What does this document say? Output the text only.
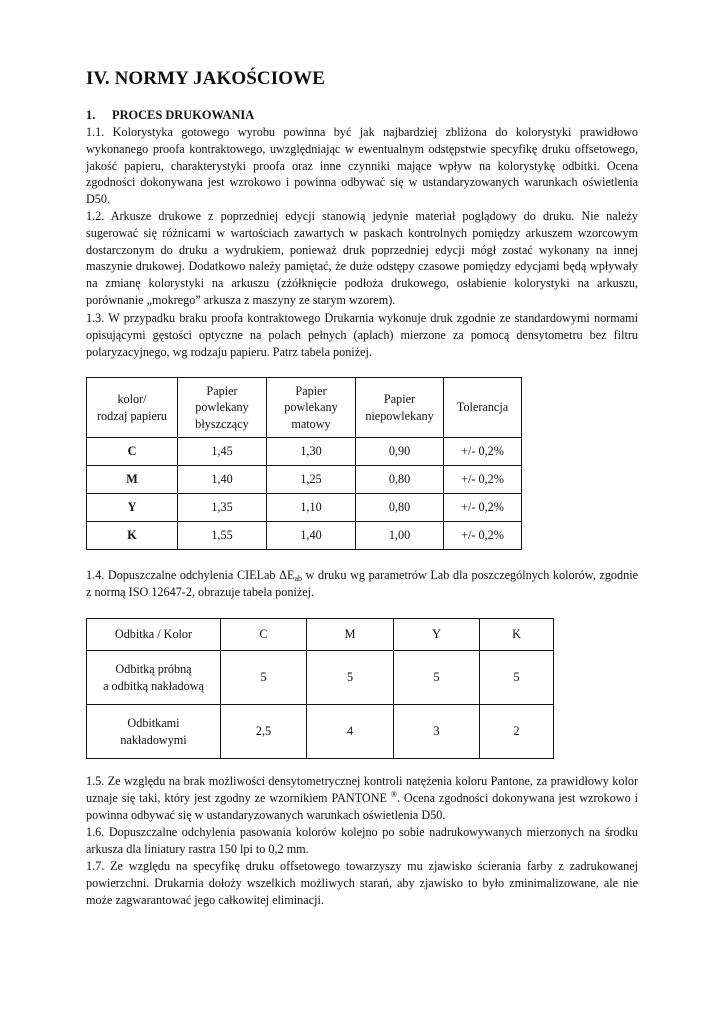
IV. NORMY JAKOŚCIOWE
1. PROCES DRUKOWANIA

1.1. Kolorystyka gotowego wyrobu powinna być jak najbardziej zbliżona do kolorystyki prawidłowo wykonanego proofa kontraktowego, uwzględniając w ewentualnym odstępstwie specyfikę druku offsetowego, jakość papieru, charakterystyki proofa oraz inne czynniki mające wpływ na kolorystykę odbitki. Ocena zgodności dokonywana jest wzrokowo i powinna odbywać się w ustandaryzowanych warunkach oświetlenia D50.

1.2. Arkusze drukowe z poprzedniej edycji stanowią jedynie materiał poglądowy do druku. Nie należy sugerować się różnicami w wartościach zawartych w paskach kontrolnych pomiędzy arkuszem wzorcowym dostarczonym do druku a wydrukiem, ponieważ druk poprzedniej edycji mógł zostać wykonany na innej maszynie drukowej. Dodatkowo należy pamiętać, że duże odstępy czasowe pomiędzy edycjami będą wpływały na zmianę kolorystyki na arkuszu (zżółknięcie podłoża drukowego, osłabienie kolorystyki na arkuszu, porównanie „mokrego” arkusza z maszyny ze starym wzorem).

1.3. W przypadku braku proofa kontraktowego Drukarnia wykonuje druk zgodnie ze standardowymi normami opisującymi gęstości optyczne na polach pełnych (aplach) mierzone za pomocą densytometru bez filtru polaryzacyjnego, wg rodzaju papieru. Patrz tabela poniżej.

kolor/
rodzaj papieru	Papier
powlekany
błyszczący	Papier
powlekany
matowy	Papier
niepowlekany	Tolerancja
C	1,45	1,30	0,90	+/- 0,2%
M	1,40	1,25	0,80	+/- 0,2%
Y	1,35	1,10	0,80	+/- 0,2%
K	1,55	1,40	1,00	+/- 0,2%

1.4. Dopuszczalne odchylenia CIELab $\Delta E_{ab}$ w druku wg parametrów Lab dla poszczególnych kolorów, zgodnie z normą ISO 12647-2, obrazuje tabela poniżej.

Odbitka / Kolor	C	M	Y	K
Odbitką próbną
a odbitką nakładową	5	5	5	5
Odbitkami
nakładowymi	2,5	4	3	2

1.5. Ze względu na brak możliwości densytometrycznej kontroli natężenia koloru Pantone, za prawidłowy kolor uznaje się taki, który jest zgodny ze wzornikiem PANTONE ®. Ocena zgodności dokonywana jest wzrokowo i powinna odbywać się w ustandaryzowanych warunkach oświetlenia D50.

1.6. Dopuszczalne odchylenia pasowania kolorów kolejno po sobie nadrukowywanych mierzonych na środku arkusza dla liniatury rastra 150 lpi to 0,2 mm.

1.7. Ze względu na specyfikę druku offsetowego towarzyszy mu zjawisko ścierania farby z zadrukowanej powierzchni. Drukarnia dołoży wszelkich możliwych starań, aby zjawisko to było zminimalizowane, ale nie może zagwarantować jego całkowitej eliminacji.
